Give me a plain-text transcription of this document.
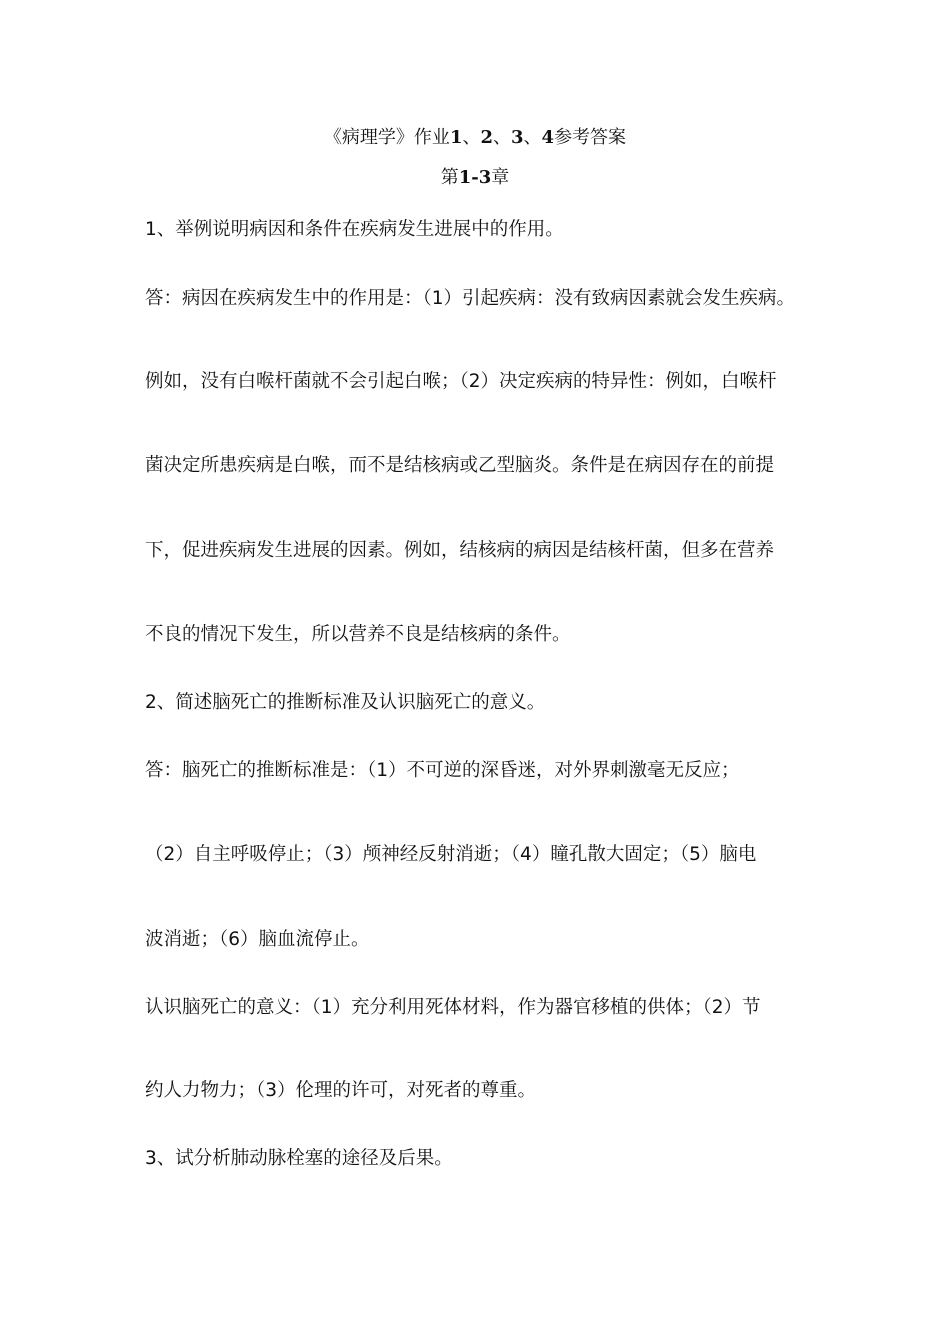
《病理学》作业1、2、3、4参考答案
第1-3章
1、举例说明病因和条件在疾病发生进展中的作用。
答：病因在疾病发生中的作用是：（1）引起疾病：没有致病因素就会发生疾病。
例如，没有白喉杆菌就不会引起白喉；（2）决定疾病的特异性：例如，白喉杆
菌决定所患疾病是白喉，而不是结核病或乙型脑炎。条件是在病因存在的前提
下，促进疾病发生进展的因素。例如，结核病的病因是结核杆菌，但多在营养
不良的情况下发生，所以营养不良是结核病的条件。
2、简述脑死亡的推断标准及认识脑死亡的意义。
答：脑死亡的推断标准是：（1）不可逆的深昏迷，对外界刺激毫无反应；
（2）自主呼吸停止；（3）颅神经反射消逝；（4）瞳孔散大固定；（5）脑电
波消逝；（6）脑血流停止。
认识脑死亡的意义：（1）充分利用死体材料，作为器官移植的供体；（2）节
约人力物力；（3）伦理的许可，对死者的尊重。
3、试分析肺动脉栓塞的途径及后果。
